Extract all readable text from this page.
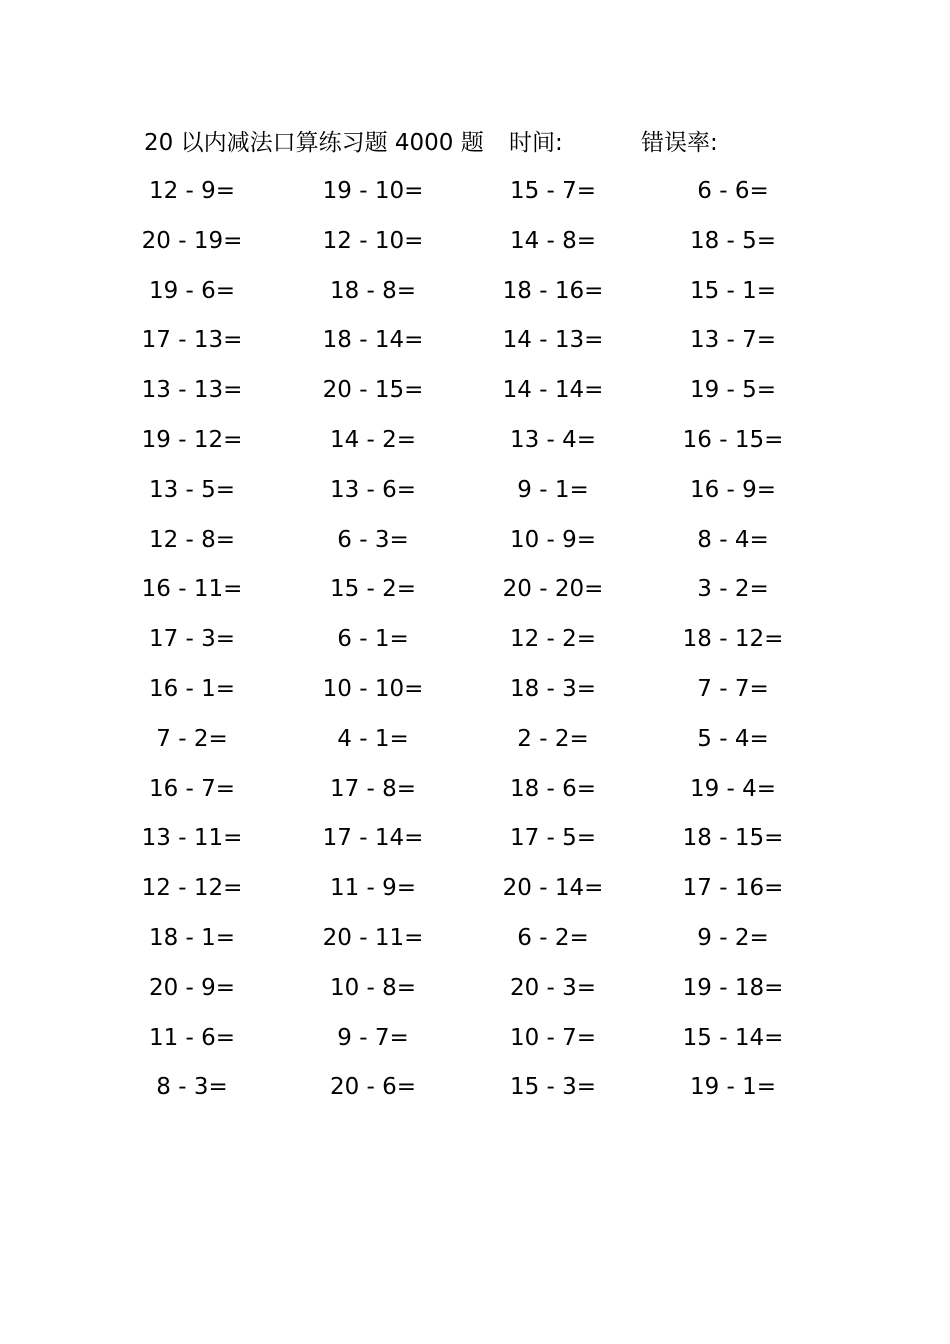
20 以内减法口算练习题 4000 题 时间:	错误率:
12 - 9=	19 - 10=	15 - 7=	6 - 6=
20 - 19=	12 - 10=	14 - 8=	18 - 5=
19 - 6=	18 - 8=	18 - 16=	15 - 1=
17 - 13=	18 - 14=	14 - 13=	13 - 7=
13 - 13=	20 - 15=	14 - 14=	19 - 5=
19 - 12=	14 - 2=	13 - 4=	16 - 15=
13 - 5=	13 - 6=	9 - 1=	16 - 9=
12 - 8=	6 - 3=	10 - 9=	8 - 4=
16 - 11=	15 - 2=	20 - 20=	3 - 2=
17 - 3=	6 - 1=	12 - 2=	18 - 12=
16 - 1=	10 - 10=	18 - 3=	7 - 7=
7 - 2=	4 - 1=	2 - 2=	5 - 4=
16 - 7=	17 - 8=	18 - 6=	19 - 4=
13 - 11=	17 - 14=	17 - 5=	18 - 15=
12 - 12=	11 - 9=	20 - 14=	17 - 16=
18 - 1=	20 - 11=	6 - 2=	9 - 2=
20 - 9=	10 - 8=	20 - 3=	19 - 18=
11 - 6=	9 - 7=	10 - 7=	15 - 14=
8 - 3=	20 - 6=	15 - 3=	19 - 1=
